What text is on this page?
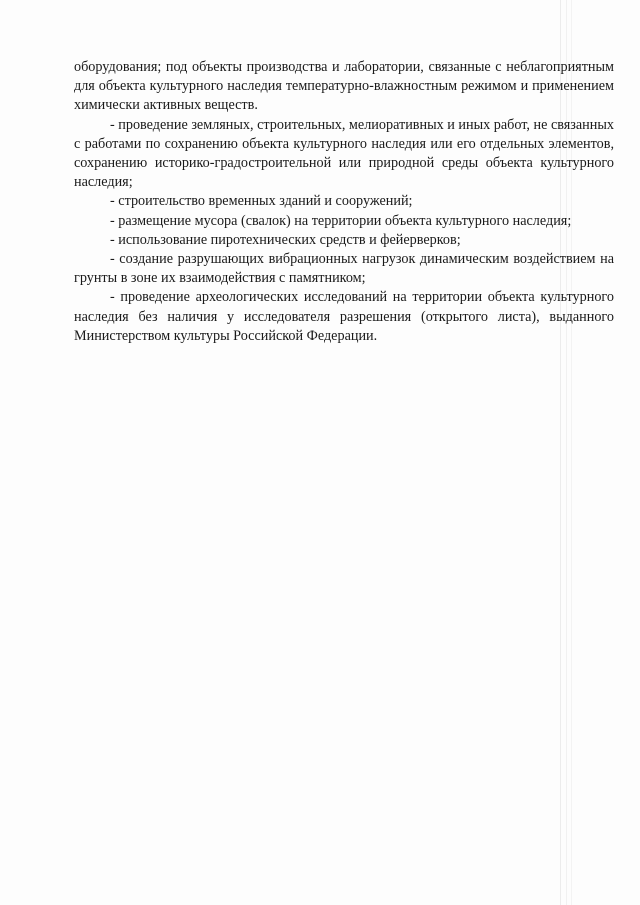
оборудования; под объекты производства и лаборатории, связанные с неблагоприятным для объекта культурного наследия температурно-влажностным режимом и применением химически активных веществ.

- проведение земляных, строительных, мелиоративных и иных работ, не связанных с работами по сохранению объекта культурного наследия или его отдельных элементов, сохранению историко-градостроительной или природной среды объекта культурного наследия;

- строительство временных зданий и сооружений;

- размещение мусора (свалок) на территории объекта культурного наследия;

- использование пиротехнических средств и фейерверков;

- создание разрушающих вибрационных нагрузок динамическим воздействием на грунты в зоне их взаимодействия с памятником;

- проведение археологических исследований на территории объекта культурного наследия без наличия у исследователя разрешения (открытого листа), выданного Министерством культуры Российской Федерации.
